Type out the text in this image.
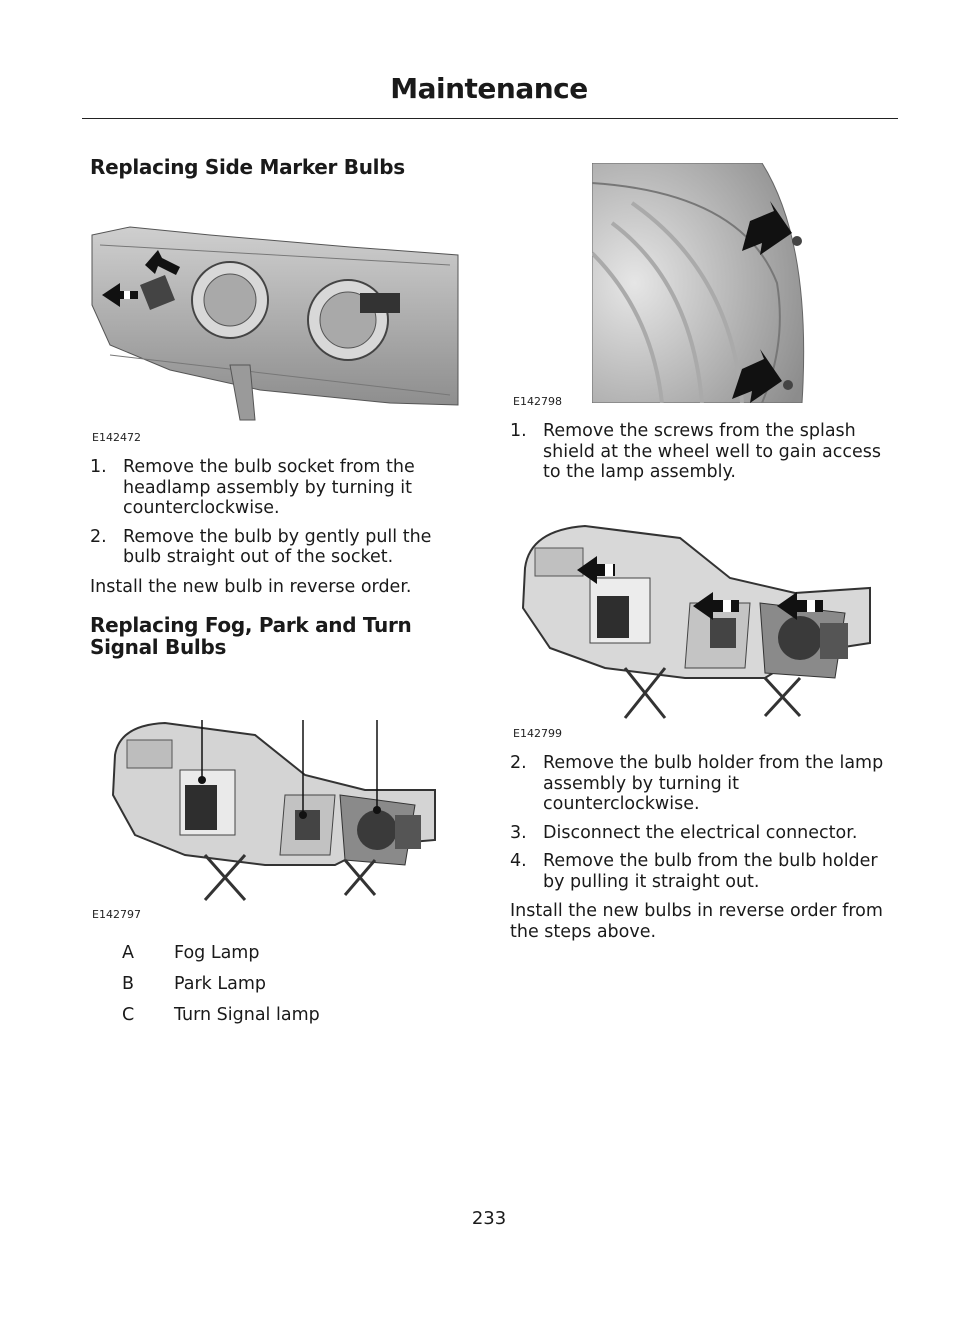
Maintenance
Replacing Side Marker Bulbs
E142472
1. Remove the bulb socket from the headlamp assembly by turning it counterclockwise.
2. Remove the bulb by gently pull the bulb straight out of the socket.

Install the new bulb in reverse order.

Replacing Fog, Park and Turn Signal Bulbs
E142797
A Fog Lamp
B Park Lamp
C Turn Signal lamp
E142798
1. Remove the screws from the splash shield at the wheel well to gain access to the lamp assembly.
E142799
2. Remove the bulb holder from the lamp assembly by turning it counterclockwise.
3. Disconnect the electrical connector.
4. Remove the bulb from the bulb holder by pulling it straight out.

Install the new bulbs in reverse order from the steps above.

233
